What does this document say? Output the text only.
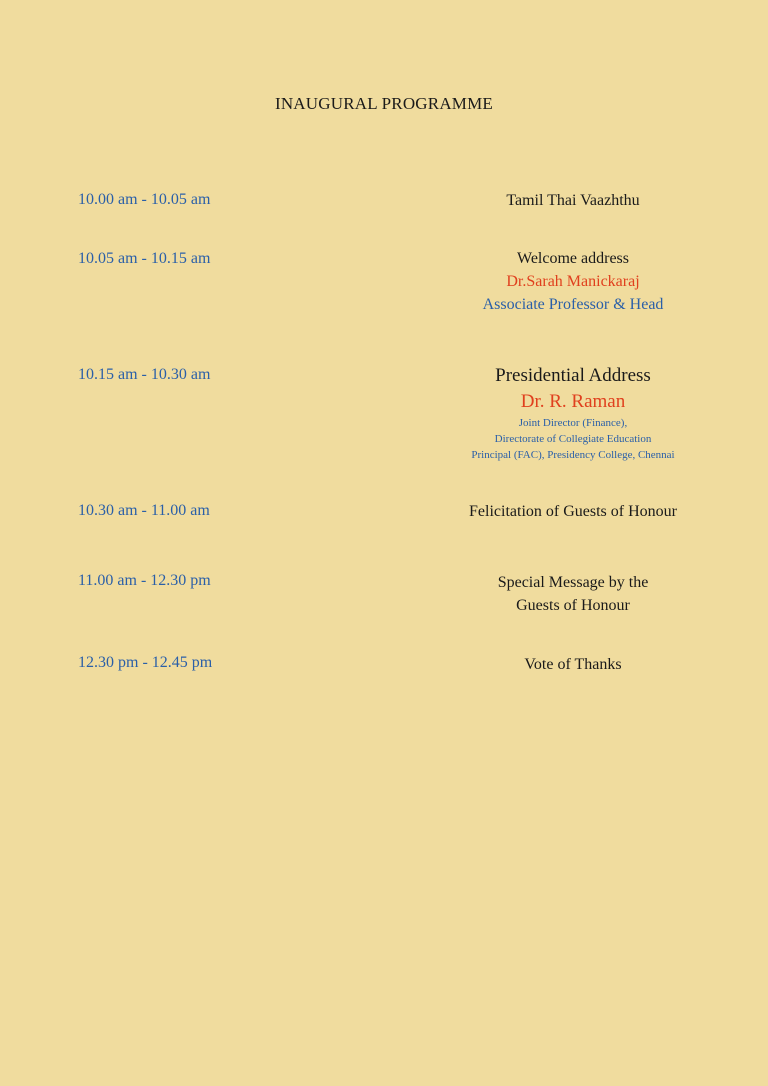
INAUGURAL PROGRAMME
10.00 am - 10.05 am	Tamil Thai Vaazhthu
10.05 am - 10.15 am	Welcome address
Dr.Sarah Manickaraj
Associate Professor & Head
10.15 am - 10.30 am	Presidential Address
Dr. R. Raman
Joint Director (Finance),
Directorate of Collegiate Education
Principal (FAC), Presidency College, Chennai
10.30 am - 11.00 am	Felicitation of Guests of Honour
11.00 am - 12.30 pm	Special Message by the
Guests of Honour
12.30 pm - 12.45 pm	Vote of Thanks
